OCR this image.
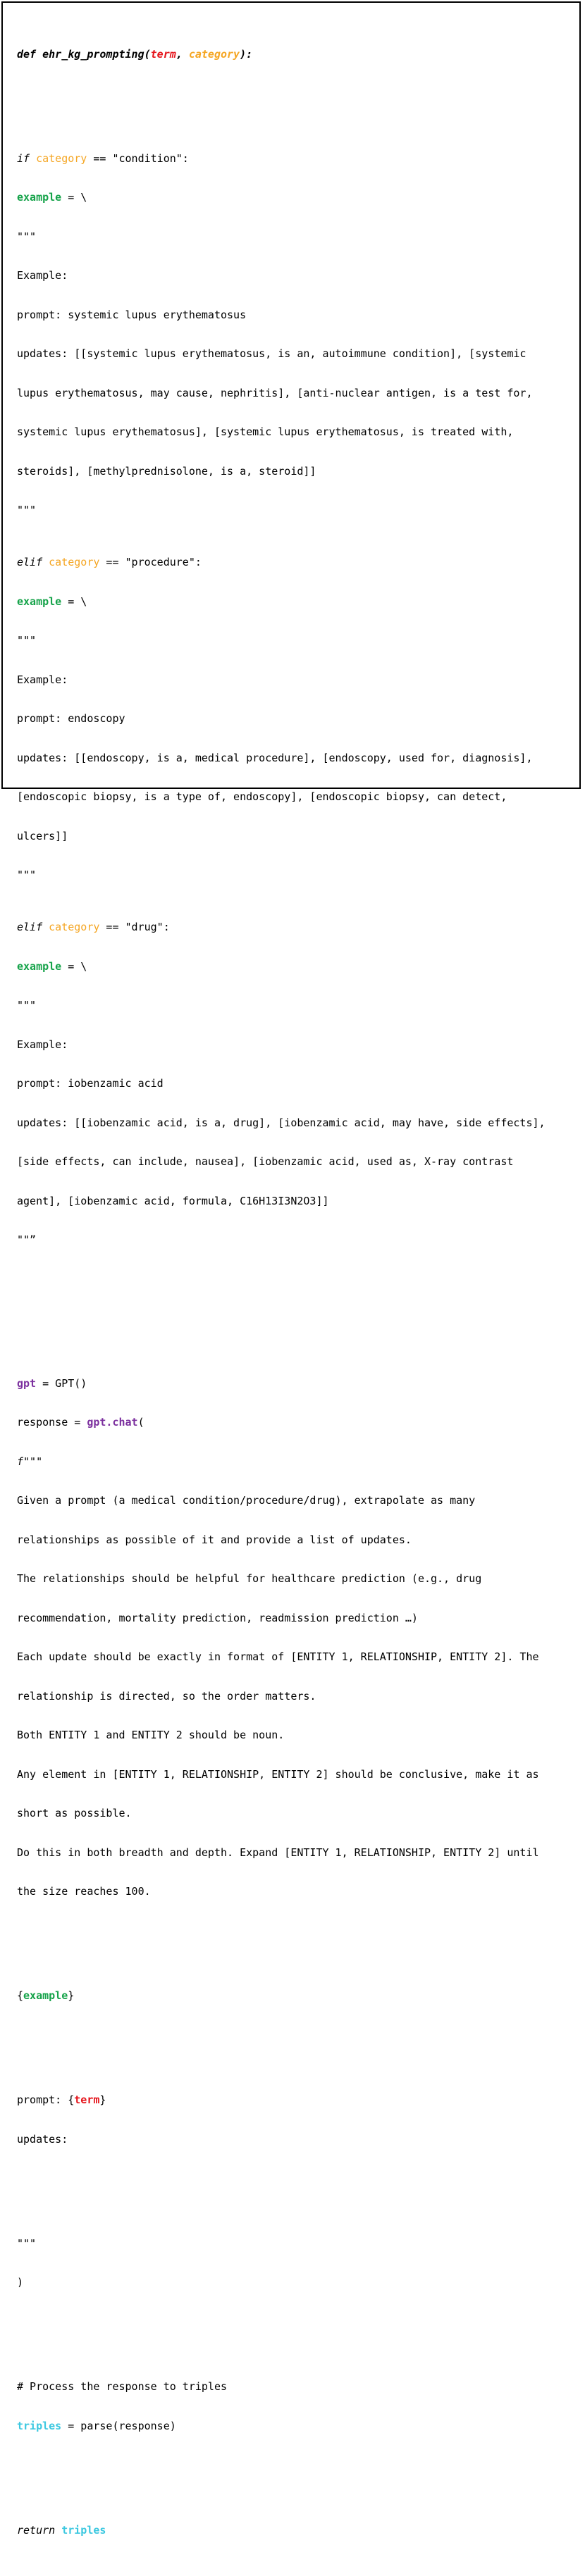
def ehr_kg_prompting(term, category):

if category == "condition":

example = \

"""

Example:

prompt: systemic lupus erythematosus

updates: [[systemic lupus erythematosus, is an, autoimmune condition], [systemic

lupus erythematosus, may cause, nephritis], [anti-nuclear antigen, is a test for,

systemic lupus erythematosus], [systemic lupus erythematosus, is treated with,

steroids], [methylprednisolone, is a, steroid]]

"""

elif category == "procedure":

example = \

"""

Example:

prompt: endoscopy

updates: [[endoscopy, is a, medical procedure], [endoscopy, used for, diagnosis],

[endoscopic biopsy, is a type of, endoscopy], [endoscopic biopsy, can detect,

ulcers]]

"""

elif category == "drug":

example = \

"""

Example:

prompt: iobenzamic acid

updates: [[iobenzamic acid, is a, drug], [iobenzamic acid, may have, side effects],

[side effects, can include, nausea], [iobenzamic acid, used as, X-ray contrast

agent], [iobenzamic acid, formula, C16H13I3N2O3]]

""”

gpt = GPT()

response = gpt.chat(

f"""

Given a prompt (a medical condition/procedure/drug), extrapolate as many

relationships as possible of it and provide a list of updates.

The relationships should be helpful for healthcare prediction (e.g., drug

recommendation, mortality prediction, readmission prediction …)

Each update should be exactly in format of [ENTITY 1, RELATIONSHIP, ENTITY 2]. The

relationship is directed, so the order matters.

Both ENTITY 1 and ENTITY 2 should be noun.

Any element in [ENTITY 1, RELATIONSHIP, ENTITY 2] should be conclusive, make it as

short as possible.

Do this in both breadth and depth. Expand [ENTITY 1, RELATIONSHIP, ENTITY 2] until

the size reaches 100.

{example}

prompt: {term}

updates:

"""

)

# Process the response to triples

triples = parse(response)

return triples
